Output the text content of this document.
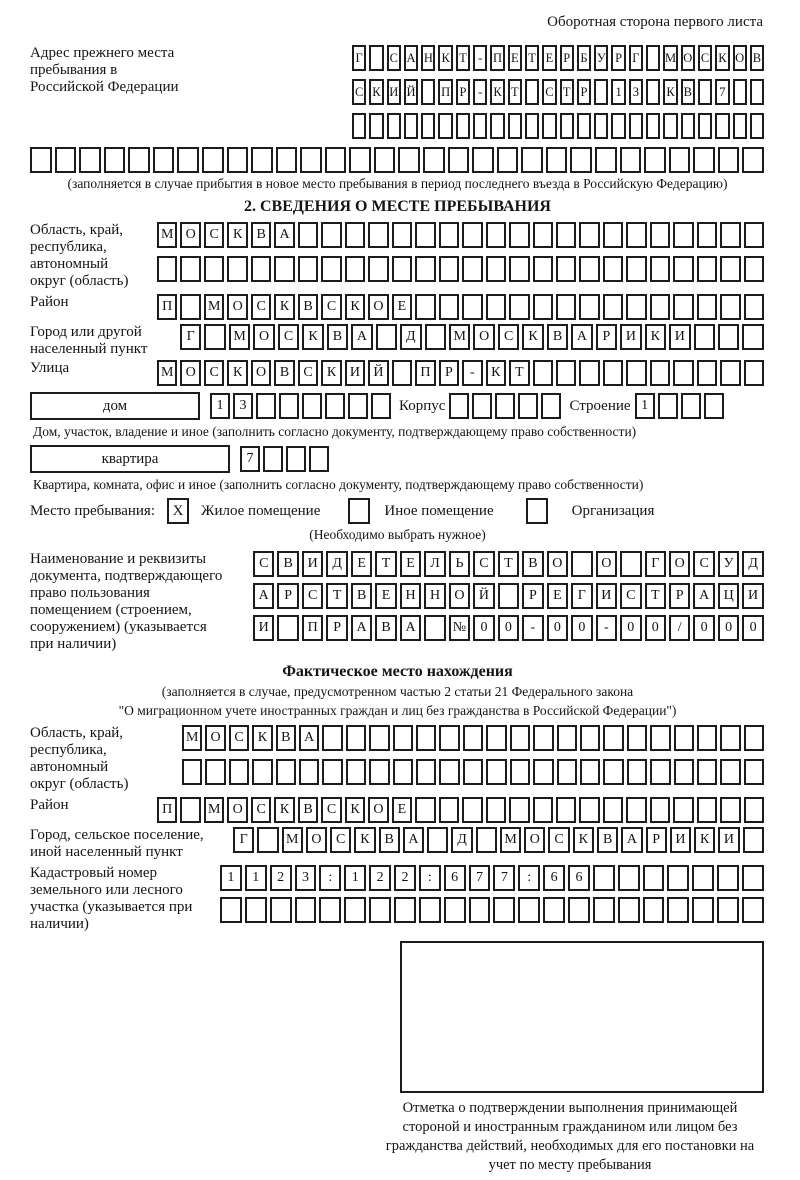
Оборотная сторона первого листа
Адрес прежнего места пребывания в Российской Федерации
Г С А Н К Т - П Е Т Е Р Б У Р Г М О С К О В
С К И Й П Р - К Т С Т Р	1 3	К В	7
(заполняется в случае прибытия в новое место пребывания в период последнего въезда в Российскую Федерацию)
2. СВЕДЕНИЯ О МЕСТЕ ПРЕБЫВАНИЯ
Область, край, республика, автономный округ (область)
М О С	К	В А
Район	П	М О С	К	В	С	К О	Е
Город или другой населенный пункт
Г	М О	С	К	В	А	Д	М О	С	К	В	А	Р	И	К	И
Улица	М О С	К О В	С	К И Й	П	Р	-	К	Т
дом	1	3	Корпус	Строение 1
Дом, участок, владение и иное (заполнить согласно документу, подтверждающему право собственности)
квартира	7
Квартира, комната, офис и иное (заполнить согласно документу, подтверждающему право собственности)
Место пребывания:	X	Жилое помещение	Иное помещение	Организация
(Необходимо выбрать нужное)
Наименование и реквизиты документа, подтверждающего право пользования помещением (строением, сооружением) (указывается при наличии)
С	В	И	Д	Е	Т	Е	Л	Ь	С	Т	В	О	О	Г	О	С	У	Д
А	Р	С	Т	В	Е	Н	Н	О	Й	Р	Е	Г	И	С	Т	Р	А	Ц	И
И	П	Р	А	В	А	№	0	0	-	0	0	-	0	0	/	0	0	0
Фактическое место нахождения
(заполняется в случае, предусмотренном частью 2 статьи 21 Федерального закона
"О миграционном учете иностранных граждан и лиц без гражданства в Российской Федерации")
Область, край, республика, автономный округ (область)
М О С	К	В А
Район	П	М О С	К	В	С	К О	Е
Город, сельское поселение, иной населенный пункт
Г	М О	С	К	В	А	Д	М О	С	К	В	А	Р	И	К	И
Кадастровый номер земельного или лесного участка (указывается при наличии)
1	1	2	3	:	1	2	2	:	6	7	7	:	6	6
Отметка о подтверждении выполнения принимающей стороной и иностранным гражданином или лицом без гражданства действий, необходимых для его постановки на учет по месту пребывания
